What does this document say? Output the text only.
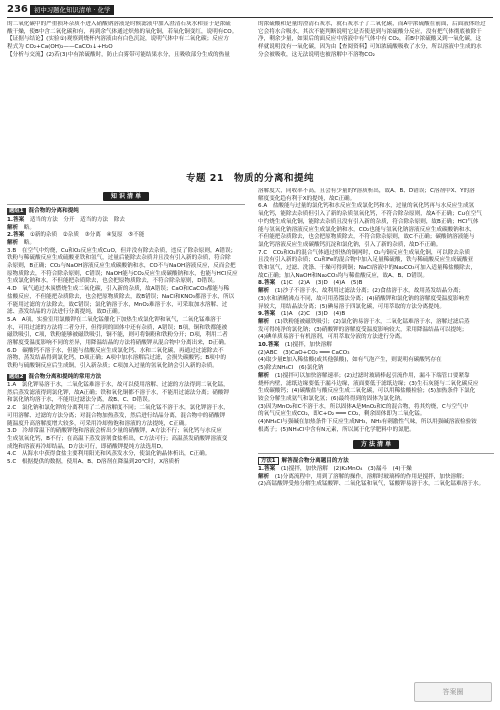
236 初中习题化知识清单 · 化学

的二氧化碳中的严重损坏杂质不进入硝酸钠溶液是时候滤液中加入澄清石灰水和显于是浓硫

酸干燥，使B中含二氧化碳和有，再到余气体通过炽热的氧化铜，若氧化铜变红，说明有CO。

【证据与结论】(实验①)观察到烧杯内溶液由有白色沉淀，说明气体中有二氧化碳；反应方

程式为 CO₂+Ca(OH)₂——CaCO₃↓+H₂O

【分析与交流】(2)若(3)中有浓硫酸时，防止白雾带可能结果水分，且吸收部分生成的热量

的浓硫酸和是量的澄清石灰水，就石灰水子了二氧化碳，而A中浓硫酸在前面，后面液体经过

它会将水合吸水，其次不能判断说明它是否使是到与浓硫酸分反应，没有把气体彻底被除干

净，剩余少量，如果后的面反应中溶液中有气体中有 CO₂，若B中浓硫酸又到一氧化碳，这

样就说明没有一氧化碳，因为由【查阅资料】可知浓硫酸吸收了水分，所以溶液中生成的水

分会被吸收，这无法说明也被溶解中不溶物CO₂

专题 21　物质的分离和提纯
知 识 清 单
题组1 混合物的分离和提纯

1.答案　适当的方法　分开　适当的方法　除去

解析　略。

2.答案　①新的杂质　②杂质　③分离　④复原　⑤不能

解析　略。

3.B　在空气中灼烧，Cu和O₂反应生成CuO，但并没有除去杂质，违反了除杂原则，A错误；

铁粉与稀硫酸反应生成硫酸亚铁和氢气，过量后能除去杂质并且没有引入新的杂质，符合除

杂原则，B正确；CO₂与NaOH溶液反应生成碳酸钠和水，CO不与NaOH溶液反应，反而会把

原物质除去，不符合除杂原则，C错误；NaOH能与CO₂反应生成碳酸钠和水，也能与HCl反应

生成氯化钠和水，不但能把杂质除去，也会把原物质除去，不符合除杂原则，D错误。

4.D　氧气通过木炭燃烧生成二氧化碳，引入新的杂质，故A错误；CaO和CaCO₃都能与稀

盐酸反应，不但能把杂质除去，也会把原物质除去，故B错误；NaCl和KNO₃都溶于水，所以

不能用过滤的方法除去，故C错误；氯化钠溶于水，MnO₂难溶于水，可采取加水溶解、过

滤、蒸发结晶的方法进行分离提纯，故D正确。

5.A　A项，实验室用氯酸钾在二氧化锰催化下加热生成氯化钾和氧气，二氧化锰难溶于

水，可用过滤的方法将二者分开，但得到的固体中还有杂质，A错误；B项，铜和铁都能被

磁铁吸引，C项，铁粉能够被磁铁吸引，铜不能，则可将铜粉和铁粉分开；D项，利用二者

溶解度受温度影响不同的差异，用降温结晶的方法将硝酸钾从混合物中分离出来，D正确。

6.D　碳酸钙不溶于水，但能与盐酸反应生成氯化钙、水和二氧化碳，再通过过滤除去不

溶物，蒸发结晶得到氯化钙，D项正确；A项中加水溶解后过滤，会损失碳酸钙；B项中的

铁粉与硫酸铜反应后生成铜，引入新杂质；C项加入过量的氢氧化钠会引入新的杂质。

题组2 混合物分离和提纯的常用方法

1.A　氯化钾易溶于水，二氧化锰难溶于水，故可以使用溶解、过滤的方法得到二氧化锰，

然后蒸发滤液得到氯化钾，故A正确；铁和氧化铜都不溶于水，不能用过滤法分离；硝酸钾

和氯化钠均溶于水，不能用过滤法分离，故B、C、D错误。

2.C　氯化钠和氯化钾的分离利用了二者溶解度不同；二氧化锰不溶于水，氯化钾溶于水，

可用溶解、过滤的方法分离；对混合物加热蒸发，然后进行结晶分离，混合物中的硝酸钾

随温度升高溶解度增大较多，可采用冷却热饱和溶液的方法提纯，C正确。

3.D　冷却常温下的硝酸钾饱和溶液会析出少量的硝酸钾，A方法不行；氧化钙与水反应

生成氢氧化钙，B不行；在高温下蒸发溶剂食盐析出，C方法可行；高温蒸发硝酸钾溶液变

成饱和溶液再冷却结晶，D方法可行，即硝酸钾提纯方法选用D。

4.C　从海水中获得食盐主要利用阳光和风蒸发水分，使氯化钠晶体析出，C正确。

5.C　根据提供的数据，使用A、B、D溶剂在降温到20℃时，X溶质析

溶解度大，同收率不高，且会有少量的Y溶质析出，故A、B、D错误；C溶剂中X、Y的溶

解度变化趋有利于X的提纯，故C正确。

6.A　盐酸能与过量的氯化钙和水反应生成氯化钙和水，过量的氧化钙再与水反应生成氢

氧化钙，能除去杂质但引入了新的杂质氢氧化钙，不符合除杂原则，故A不正确；Cu在空气

中灼烧生成氧化铜，能除去杂质且没有引入新的杂质，符合除杂原则，故B正确；HCl气体

能与氢氧化钠溶液反应生成氯化钠和水，CO₂也能与氢氧化钠溶液反应生成碳酸钠和水，

不但能把杂质除去，也会把原物质除去，不符合除杂原则，故C不正确；碳酸钠溶液能与

氯化钙溶液反应生成碳酸钙沉淀和氯化钠，引入了新的杂质，故D不正确。

7.C　CO₂和O₂的混合气体通过炽热的铜网时，O₂与铜反应生成氧化铜，可以除去杂质

且没有引入新的杂质；Cu和Fe的混合物中加入足量稀硫酸，铁与稀硫酸反应生成硫酸亚

铁和氢气，过滤、洗涤、干燥可得到铜；NaCl溶液中的Na₂CO₃可加入适量稀盐酸除去，

故C正确；加入NaOH和Na₂CO₃均与稀盐酸反应，故A、B、D错误。

8.答案　(1)C　(2)A　(3)D　(4)A　(5)B

解析　(1)沙子不溶于水，故利用过滤法分离；(2)食盐溶于水，故用蒸发结晶分离；

(3)水和酒精沸点不同，故可用蒸馏法分离；(4)硝酸钾和氯化钠的溶解度受温度影响差

异较大，用结晶法分离；(5)碘易溶于四氯化碳，可用萃取的方法分离提纯。

9.答案　(1)A　(2)C　(3)D　(4)B

解析　(1)铁粉能被磁铁吸引；(2)氯化钠易溶于水，二氧化锰难溶于水，溶解过滤后蒸

发可得纯净的氯化钠；(3)硝酸钾的溶解度受温度影响较大，采用降温结晶可以提纯；

(4)碘单质易溶于有机溶剂，可用萃取分液的方法进行分离。

10.答案　(1)搅拌，加快溶解

(2)ABC　(3)CaO+CO₂ ═══ CaCO₃

(4)取少量E加入稀盐酸(或其他强酸)，如有气泡产生，则说明有碳酸钙存在

(5)除去NH₄Cl　(6)氯化钠

解析　(1)搅拌可以加快溶解速率；(2)过滤时玻璃棒起引流作用，漏斗下端管口要紧靠

烧杯内壁，滤纸边缘要低于漏斗边缘，液面要低于滤纸边缘；(3)生石灰能与二氧化碳反应

生成碳酸钙；(4)碳酸盐与酸反应生成二氧化碳，可以用稀盐酸检验；(5)加热条件下氯化

铵会分解生成氨气和氯化氢；(6)最终得到的固体为氯化钠。

(3)因为MnO₂和C不溶于水，所以固体A是MnO₂和C的混合物，将其灼烧，C与空气中

的氧气反应生成CO₂，即C+O₂ ═══ CO₂，剩余固体即为二氧化锰。

(4)NH₄Cl与强碱在加热条件下反应生成NH₃，NH₃有刺激性气味，所以用强碱溶液检验铵

根离子；(5)NH₄Cl中含有N元素，所以属于化学肥料中的氮肥。

方 法 清 单
方法1 解答混合物分离题目的方法

1.答案　(1)搅拌，加快溶解　(2)K₂MnO₄　(3)漏斗　(4)干燥

解析　(1)分离流程中，用到了溶解的操作，溶解时玻璃棒的作用是搅拌，加快溶解；

(2)高锰酸钾受热分解生成锰酸钾、二氧化锰和氧气，锰酸钾易溶于水，二氧化锰难溶于水。

答案圈
